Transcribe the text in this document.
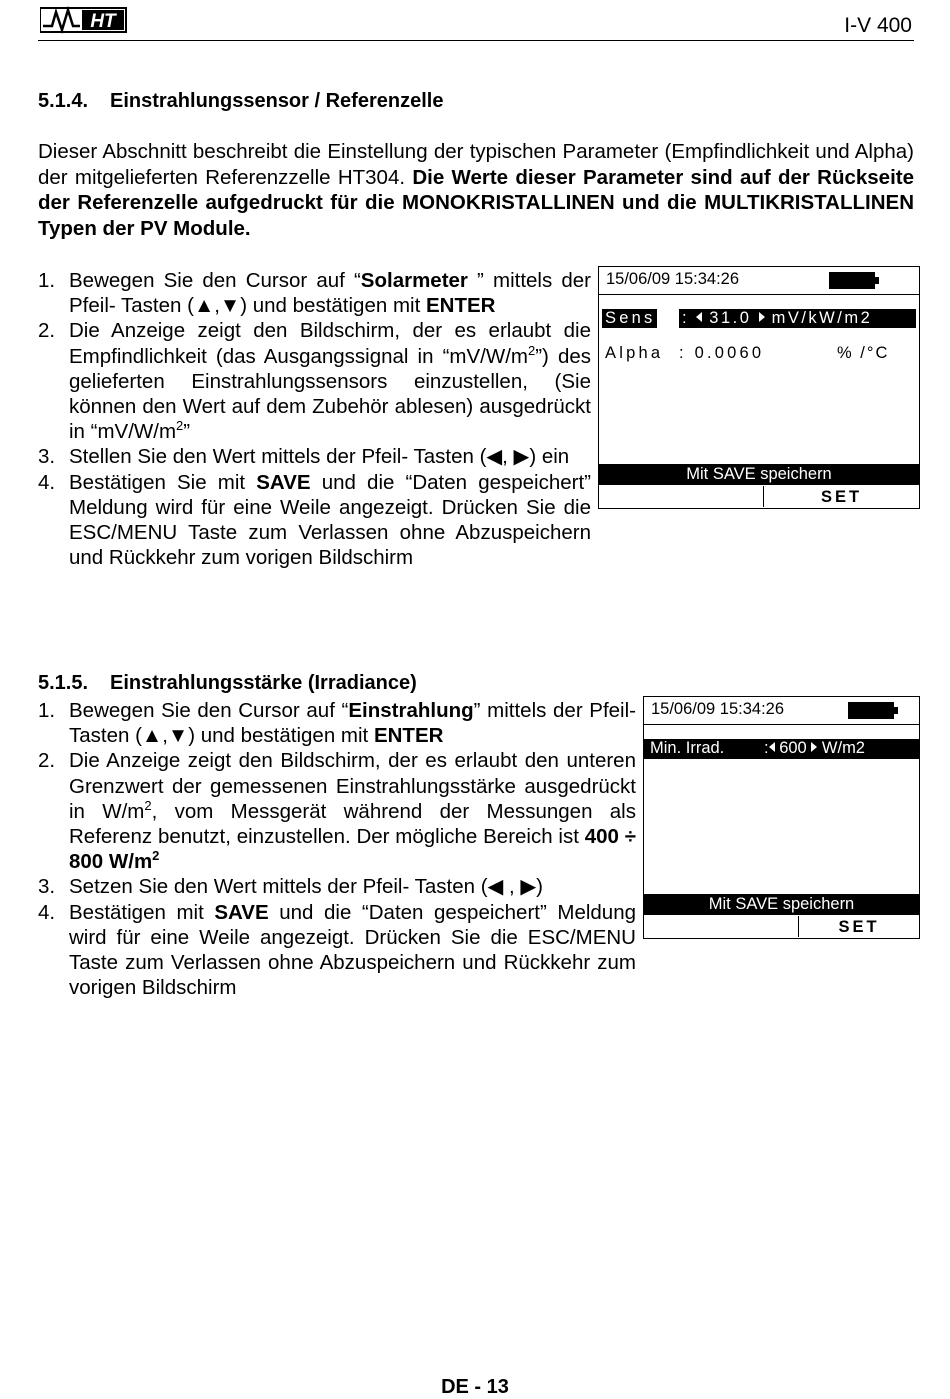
HT	I-V 400
5.1.4. Einstrahlungssensor / Referenzelle
Dieser Abschnitt beschreibt die Einstellung der typischen Parameter (Empfindlichkeit und Alpha) der mitgelieferten Referenzzelle HT304. Die Werte dieser Parameter sind auf der Rückseite der Referenzelle aufgedruckt für die MONOKRISTALLINEN und die MULTIKRISTALLINEN Typen der PV Module.
1. Bewegen Sie den Cursor auf “Solarmeter ” mittels der Pfeil- Tasten (▲,▼) und bestätigen mit ENTER
2. Die Anzeige zeigt den Bildschirm, der es erlaubt die Empfindlichkeit (das Ausgangssignal in “$mV/W/m^2$”) des gelieferten Einstrahlungssensors einzustellen, (Sie können den Wert auf dem Zubehör ablesen) ausgedrückt in “$mV/W/m^2$”
3. Stellen Sie den Wert mittels der Pfeil- Tasten (◀, ▶) ein
4. Bestätigen Sie mit SAVE und die “Daten gespeichert” Meldung wird für eine Weile angezeigt. Drücken Sie die ESC/MENU Taste zum Verlassen ohne Abzuspeichern und Rückkehr zum vorigen Bildschirm
15/06/09 15:34:26
Sens : 31.0 mV/kW/m2
Alpha : 0.0060	% /°C
Mit SAVE speichern
SET
5.1.5. Einstrahlungsstärke (Irradiance)
1. Bewegen Sie den Cursor auf “Einstrahlung” mittels der Pfeil- Tasten (▲,▼) und bestätigen mit ENTER
2. Die Anzeige zeigt den Bildschirm, der es erlaubt den unteren Grenzwert der gemessenen Einstrahlungsstärke ausgedrückt in $W/m^2$, vom Messgerät während der Messungen als Referenz benutzt, einzustellen. Der mögliche Bereich ist 400 ÷ 800 $W/m^2$
3. Setzen Sie den Wert mittels der Pfeil- Tasten (◀ , ▶)
4. Bestätigen mit SAVE und die “Daten gespeichert” Meldung wird für eine Weile angezeigt. Drücken Sie die ESC/MENU Taste zum Verlassen ohne Abzuspeichern und Rückkehr zum vorigen Bildschirm
15/06/09 15:34:26
Min. Irrad. : 600 W/m2
Mit SAVE speichern
SET
DE - 13
